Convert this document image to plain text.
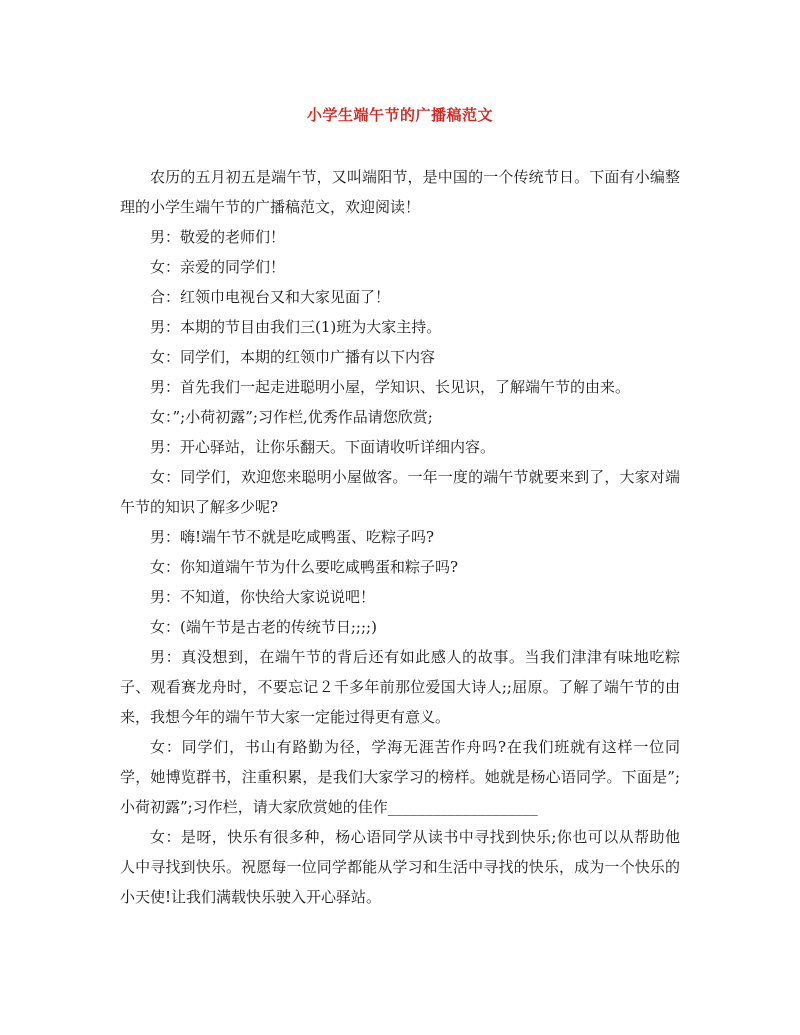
小学生端午节的广播稿范文

农历的五月初五是端午节，又叫端阳节，是中国的一个传统节日。下面有小编整理的小学生端午节的广播稿范文，欢迎阅读！

男：敬爱的老师们！

女：亲爱的同学们！

合：红领巾电视台又和大家见面了！

男：本期的节目由我们三(1)班为大家主持。

女：同学们，本期的红领巾广播有以下内容

男：首先我们一起走进聪明小屋，学知识、长见识，了解端午节的由来。

女：”;小荷初露”;习作栏,优秀作品请您欣赏;

男：开心驿站，让你乐翻天。下面请收听详细内容。

女：同学们，欢迎您来聪明小屋做客。一年一度的端午节就要来到了，大家对端午节的知识了解多少呢?

男：嗨!端午节不就是吃咸鸭蛋、吃粽子吗?

女：你知道端午节为什么要吃咸鸭蛋和粽子吗?

男：不知道，你快给大家说说吧！

女：(端午节是古老的传统节日;;;;)

男：真没想到，在端午节的背后还有如此感人的故事。当我们津津有味地吃粽子、观看赛龙舟时，不要忘记２千多年前那位爱国大诗人;;屈原。了解了端午节的由来，我想今年的端午节大家一定能过得更有意义。

女：同学们，书山有路勤为径，学海无涯苦作舟吗?在我们班就有这样一位同学，她博览群书，注重积累，是我们大家学习的榜样。她就是杨心语同学。下面是”;小荷初露”;习作栏，请大家欣赏她的佳作____________________

女：是呀，快乐有很多种，杨心语同学从读书中寻找到快乐;你也可以从帮助他人中寻找到快乐。祝愿每一位同学都能从学习和生活中寻找的快乐，成为一个快乐的小天使!让我们满载快乐驶入开心驿站。
